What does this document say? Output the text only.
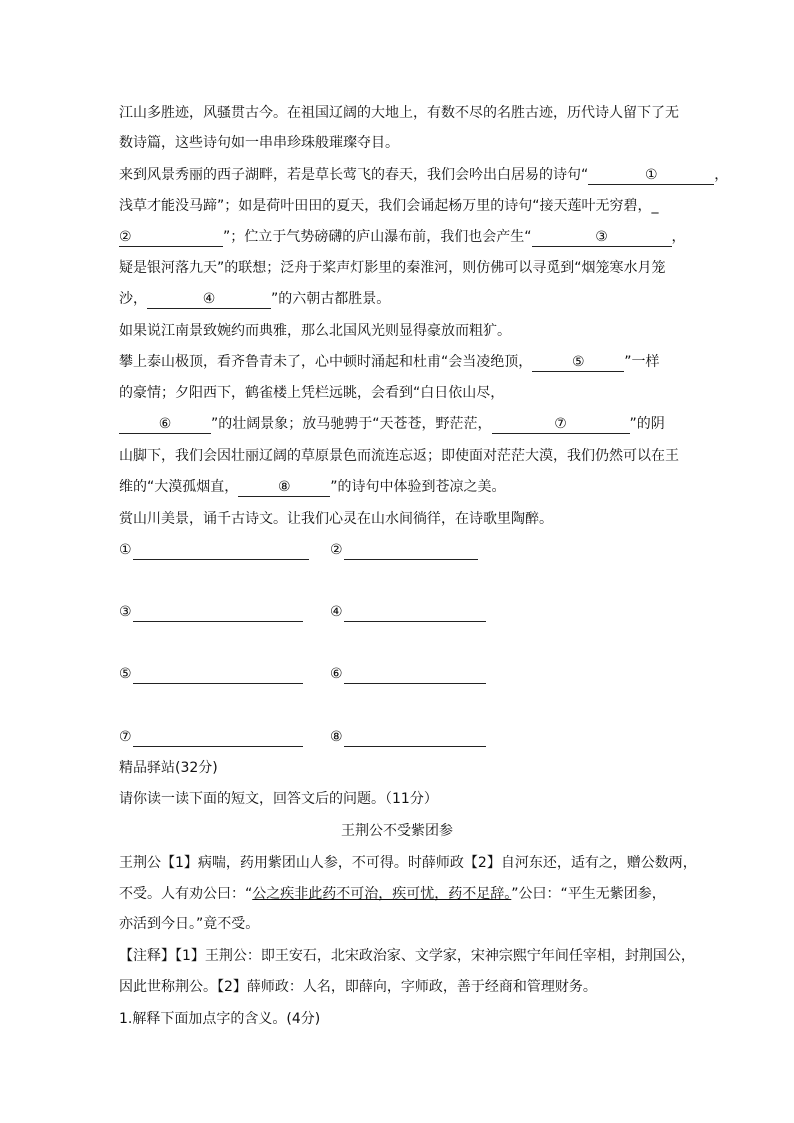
江山多胜迹，风骚贯古今。在祖国辽阔的大地上，有数不尽的名胜古迹，历代诗人留下了无
数诗篇，这些诗句如一串串珍珠般璀璨夺目。
来到风景秀丽的西子湖畔，若是草长莺飞的春天，我们会吟出白居易的诗句“	①	，
浅草才能没马蹄”；如是荷叶田田的夏天，我们会诵起杨万里的诗句“接天莲叶无穷碧，_
②	”；伫立于气势磅礴的庐山瀑布前，我们也会产生“	③	，
疑是银河落九天”的联想；泛舟于桨声灯影里的秦淮河，则仿佛可以寻觅到“烟笼寒水月笼
沙，	④	”的六朝古都胜景。
如果说江南景致婉约而典雅，那么北国风光则显得豪放而粗犷。
攀上泰山极顶，看齐鲁青未了，心中顿时涌起和杜甫“会当凌绝顶，	⑤	”一样
的豪情；夕阳西下，鹤雀楼上凭栏远眺，会看到“白日依山尽，
⑥	”的壮阔景象；放马驰骋于“天苍苍，野茫茫，	⑦	”的阴
山脚下，我们会因壮丽辽阔的草原景色而流连忘返；即使面对茫茫大漠，我们仍然可以在王
维的“大漠孤烟直，	⑧	”的诗句中体验到苍凉之美。
赏山川美景，诵千古诗文。让我们心灵在山水间徜徉，在诗歌里陶醉。
①	②
③	④
⑤	⑥
⑦	⑧
精品驿站(32分)
请你读一读下面的短文，回答文后的问题。（11分）
王荆公不受紫团参
王荆公【1】病喘，药用紫团山人参，不可得。时薛师政【2】自河东还，适有之，赠公数两，
不受。人有劝公曰：“公之疾非此药不可治，疾可忧，药不足辞。”公曰：“平生无紫团参，
亦活到今日。”竟不受。
【注释】【1】王荆公：即王安石，北宋政治家、文学家，宋神宗熙宁年间任宰相，封荆国公，
因此世称荆公。【2】薛师政：人名，即薛向，字师政，善于经商和管理财务。
1.解释下面加点字的含义。(4分)
